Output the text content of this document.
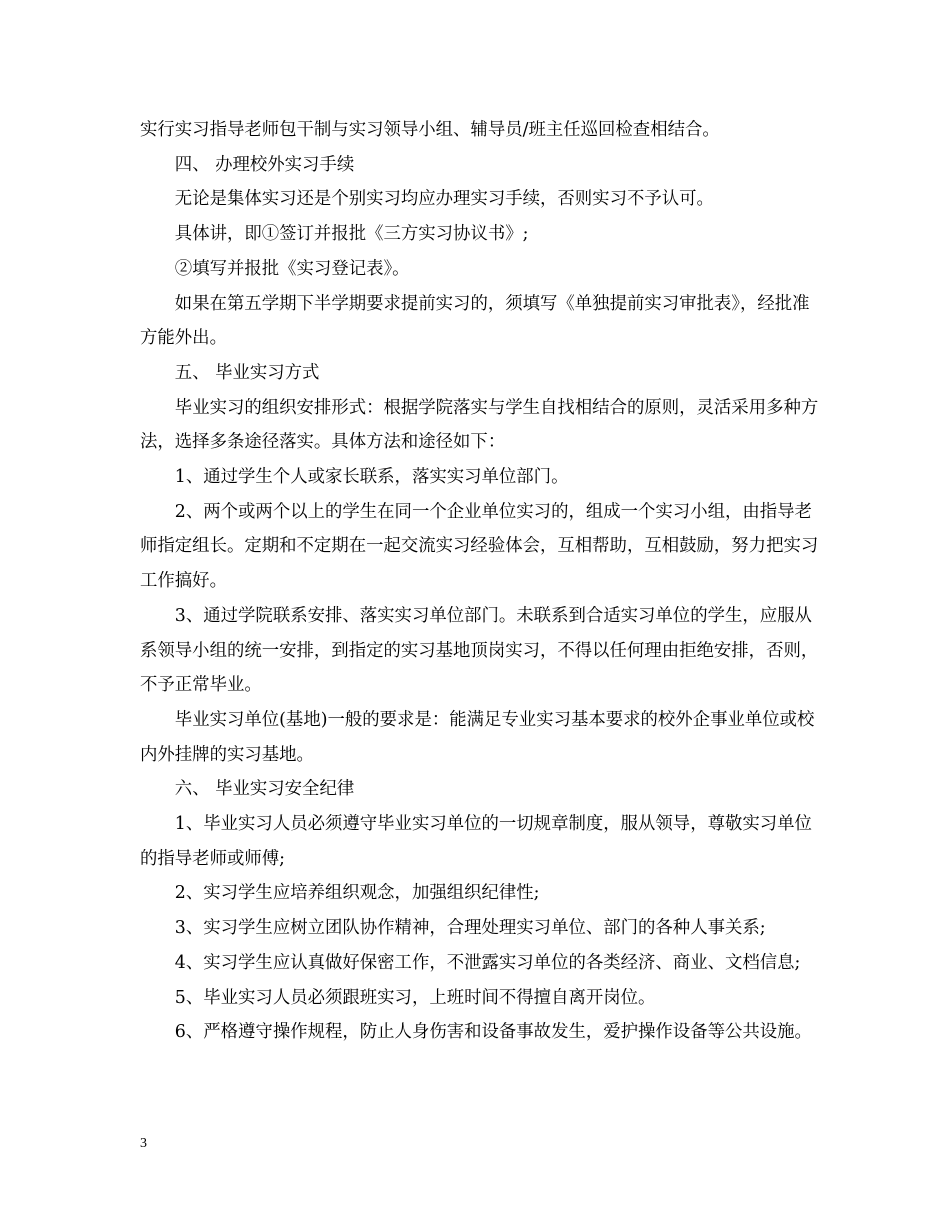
实行实习指导老师包干制与实习领导小组、辅导员/班主任巡回检查相结合。

四、 办理校外实习手续

无论是集体实习还是个别实习均应办理实习手续，否则实习不予认可。

具体讲，即①签订并报批《三方实习协议书》;

②填写并报批《实习登记表》。

如果在第五学期下半学期要求提前实习的，须填写《单独提前实习审批表》，经批准方能外出。

五、 毕业实习方式

毕业实习的组织安排形式：根据学院落实与学生自找相结合的原则，灵活采用多种方法，选择多条途径落实。具体方法和途径如下：

1、通过学生个人或家长联系，落实实习单位部门。

2、两个或两个以上的学生在同一个企业单位实习的，组成一个实习小组，由指导老师指定组长。定期和不定期在一起交流实习经验体会，互相帮助，互相鼓励，努力把实习工作搞好。

3、通过学院联系安排、落实实习单位部门。未联系到合适实习单位的学生，应服从系领导小组的统一安排，到指定的实习基地顶岗实习，不得以任何理由拒绝安排，否则，不予正常毕业。

毕业实习单位(基地)一般的要求是：能满足专业实习基本要求的校外企事业单位或校内外挂牌的实习基地。

六、 毕业实习安全纪律

1、毕业实习人员必须遵守毕业实习单位的一切规章制度，服从领导，尊敬实习单位的指导老师或师傅;

2、实习学生应培养组织观念，加强组织纪律性;

3、实习学生应树立团队协作精神，合理处理实习单位、部门的各种人事关系;

4、实习学生应认真做好保密工作，不泄露实习单位的各类经济、商业、文档信息;

5、毕业实习人员必须跟班实习，上班时间不得擅自离开岗位。

6、严格遵守操作规程，防止人身伤害和设备事故发生，爱护操作设备等公共设施。

3
